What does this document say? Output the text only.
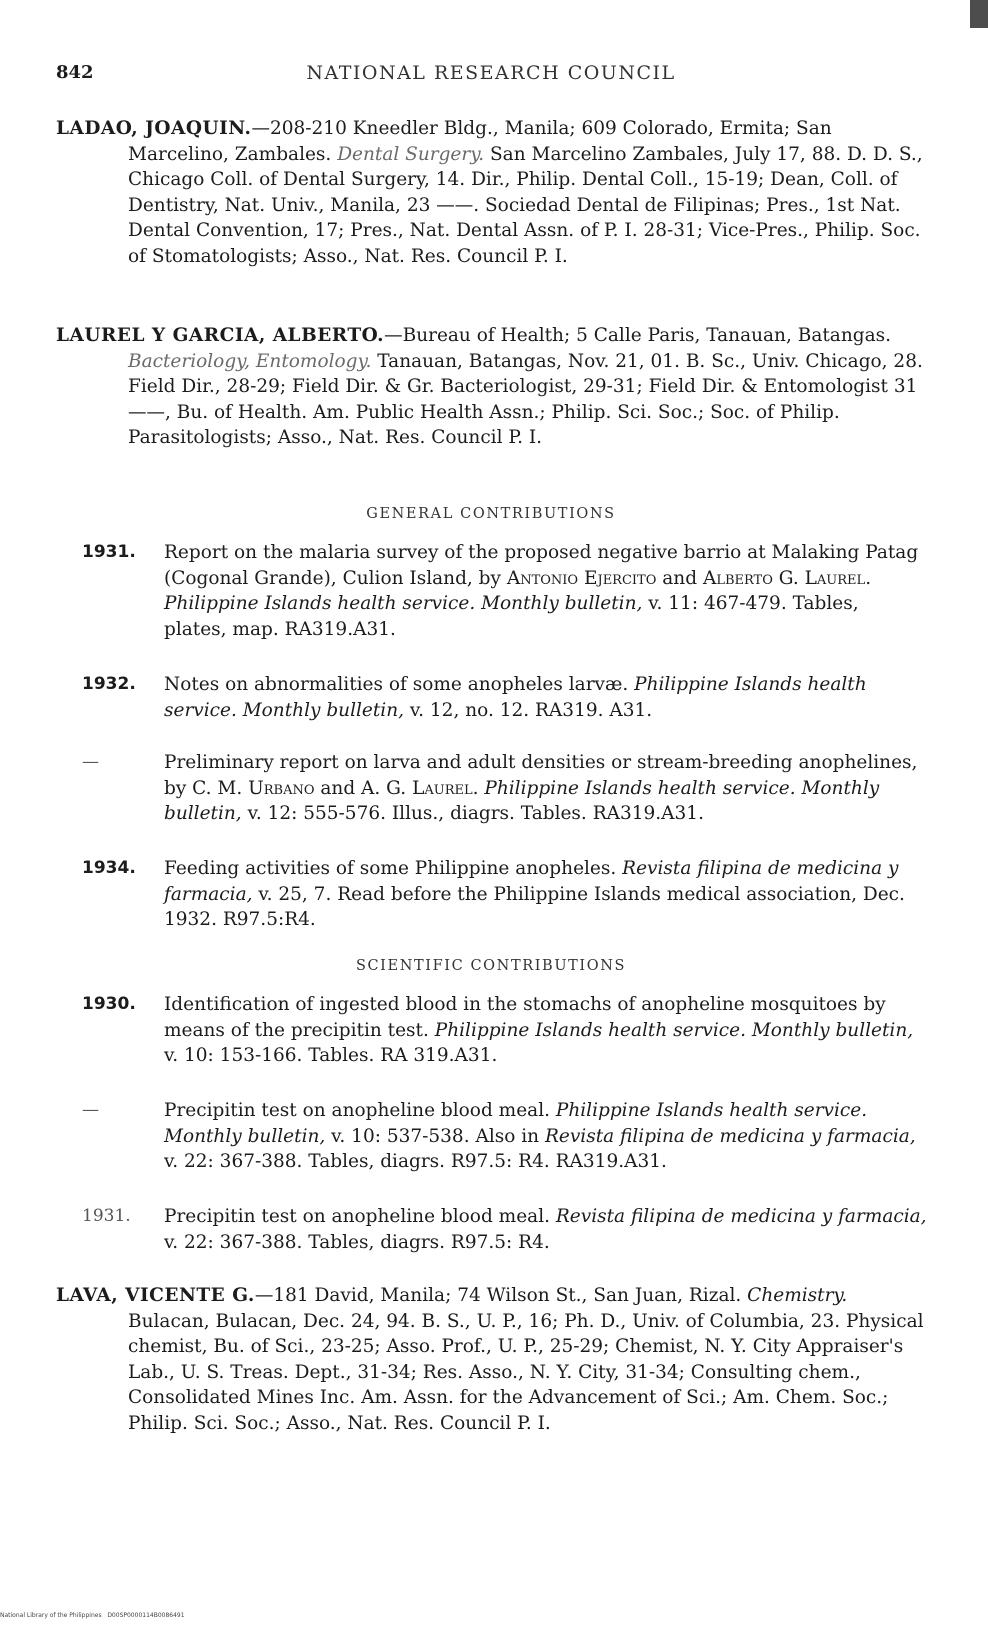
842	NATIONAL RESEARCH COUNCIL
LADAO, JOAQUIN.—208-210 Kneedler Bldg., Manila; 609 Colorado, Ermita; San Marcelino, Zambales. Dental Surgery. San Marcelino Zambales, July 17, 88. D. D. S., Chicago Coll. of Dental Surgery, 14. Dir., Philip. Dental Coll., 15-19; Dean, Coll. of Dentistry, Nat. Univ., Manila, 23 ——. Sociedad Dental de Filipinas; Pres., 1st Nat. Dental Convention, 17; Pres., Nat. Dental Assn. of P. I. 28-31; Vice-Pres., Philip. Soc. of Stomatologists; Asso., Nat. Res. Council P. I.
LAUREL Y GARCIA, ALBERTO.—Bureau of Health; 5 Calle Paris, Tanauan, Batangas. Bacteriology, Entomology. Tanauan, Batangas, Nov. 21, 01. B. Sc., Univ. Chicago, 28. Field Dir., 28-29; Field Dir. & Gr. Bacteriologist, 29-31; Field Dir. & Entomologist 31 ——, Bu. of Health. Am. Public Health Assn.; Philip. Sci. Soc.; Soc. of Philip. Parasitologists; Asso., Nat. Res. Council P. I.
GENERAL CONTRIBUTIONS
1931.	Report on the malaria survey of the proposed negative barrio at Malaking Patag (Cogonal Grande), Culion Island, by Antonio Ejercito and Alberto G. Laurel. Philippine Islands health service. Monthly bulletin, v. 11: 467-479. Tables, plates, map. RA319.A31.
1932.	Notes on abnormalities of some anopheles larvæ. Philippine Islands health service. Monthly bulletin, v. 12, no. 12. RA319. A31.
—	Preliminary report on larva and adult densities or stream-breeding anophelines, by C. M. Urbano and A. G. Laurel. Philippine Islands health service. Monthly bulletin, v. 12: 555-576. Illus., diagrs. Tables. RA319.A31.
1934.	Feeding activities of some Philippine anopheles. Revista filipina de medicina y farmacia, v. 25, 7. Read before the Philippine Islands medical association, Dec. 1932. R97.5:R4.
SCIENTIFIC CONTRIBUTIONS
1930.	Identification of ingested blood in the stomachs of anopheline mosquitoes by means of the precipitin test. Philippine Islands health service. Monthly bulletin, v. 10: 153-166. Tables. RA 319.A31.
—	Precipitin test on anopheline blood meal. Philippine Islands health service. Monthly bulletin, v. 10: 537-538. Also in Revista filipina de medicina y farmacia, v. 22: 367-388. Tables, diagrs. R97.5: R4. RA319.A31.
1931.	Precipitin test on anopheline blood meal. Revista filipina de medicina y farmacia, v. 22: 367-388. Tables, diagrs. R97.5: R4.
LAVA, VICENTE G.—181 David, Manila; 74 Wilson St., San Juan, Rizal. Chemistry. Bulacan, Bulacan, Dec. 24, 94. B. S., U. P., 16; Ph. D., Univ. of Columbia, 23. Physical chemist, Bu. of Sci., 23-25; Asso. Prof., U. P., 25-29; Chemist, N. Y. City Appraiser's Lab., U. S. Treas. Dept., 31-34; Res. Asso., N. Y. City, 31-34; Consulting chem., Consolidated Mines Inc. Am. Assn. for the Advancement of Sci.; Am. Chem. Soc.; Philip. Sci. Soc.; Asso., Nat. Res. Council P. I.
National Library of the Philippines D00SP0000114B0086491
